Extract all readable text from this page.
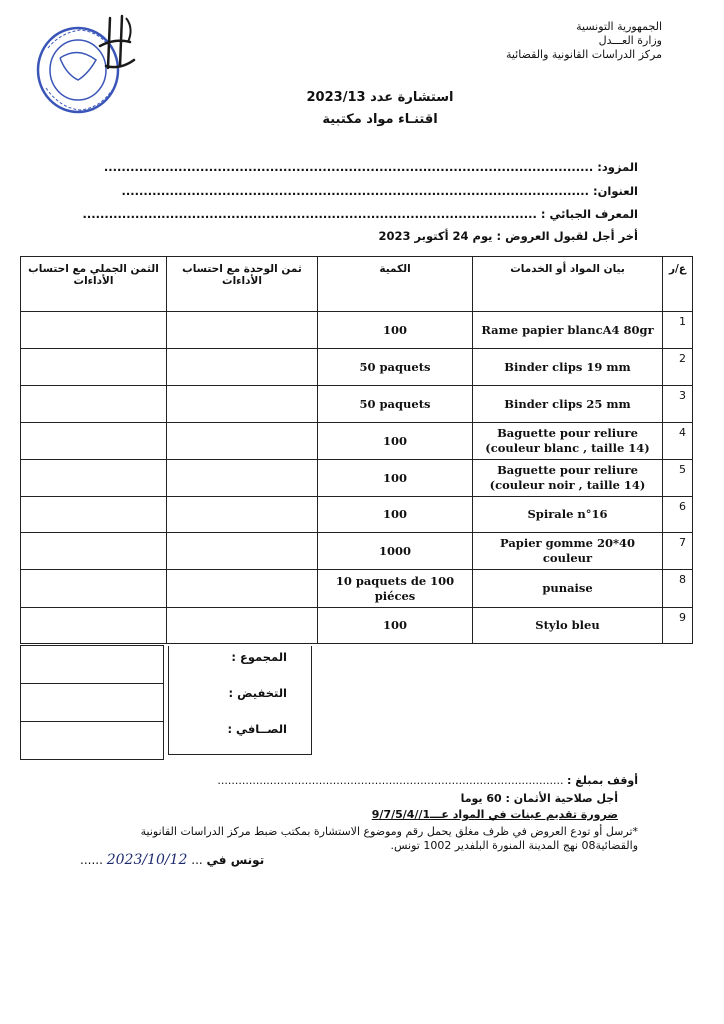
الجمهورية التونسية
وزارة العـــدل
مركز الدراسات القانونية والقضائية
استشارة عدد 2023/13
اقتنـاء مواد مكتبية
المزود: ................................................................................................................
العنوان: ...........................................................................................................
المعرف الجبائي : ........................................................................................................
أخر أجل لقبول العروض : يوم 24 أكتوبر 2023
الثمن الجملي مع احتساب الأداءات	ثمن الوحدة مع احتساب الأداءات	الكمية	بيان المواد أو الخدمات	ع/ر
		100	Rame papier blancA4 80gr	1
		50 paquets	Binder clips 19 mm	2
		50 paquets	Binder clips 25 mm	3
		100	Baguette pour reliure (couleur blanc , taille 14)	4
		100	Baguette pour reliure (couleur noir , taille 14)	5
		100	Spirale n°16	6
		1000	Papier gomme 20*40 couleur	7
		10 paquets de 100 piéces	punaise	8
		100	Stylo bleu	9

المجموع :
التخفيض :
الصــافي :
أوقف بمبلغ : ...................................................................................................
أجل صلاحية الأثمان : 60 يوما
ضرورة تقديم عينات في المواد عـــ1//9/7/5/4
*ترسل أو تودع العروض في ظرف مغلق يحمل رقم وموضوع الاستشارة بمكتب ضبط مركز الدراسات القانونية
والقضائية08 نهج المدينة المنورة البلفدير 1002 تونس.
...... 2023/10/12 ... تونس في
